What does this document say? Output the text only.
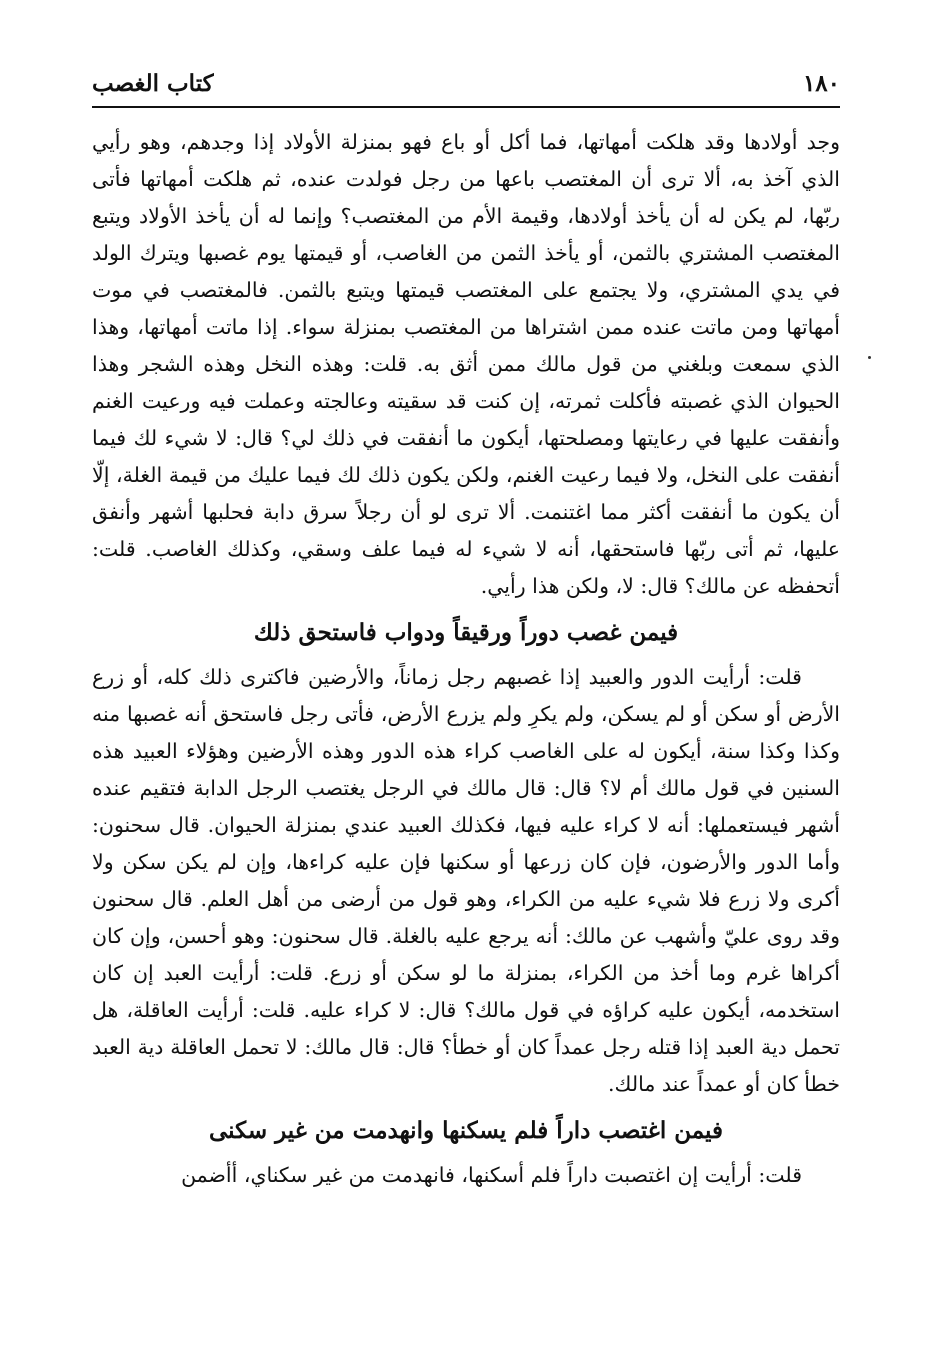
كتاب الغصب	١٨٠

وجد أولادها وقد هلكت أمهاتها، فما أكل أو باع فهو بمنزلة الأولاد إذا وجدهم، وهو رأيي الذي آخذ به، ألا ترى أن المغتصب باعها من رجل فولدت عنده، ثم هلكت أمهاتها فأتى ربّها، لم يكن له أن يأخذ أولادها، وقيمة الأم من المغتصب؟ وإنما له أن يأخذ الأولاد ويتبع المغتصب المشتري بالثمن، أو يأخذ الثمن من الغاصب، أو قيمتها يوم غصبها ويترك الولد في يدي المشتري، ولا يجتمع على المغتصب قيمتها ويتبع بالثمن. فالمغتصب في موت أمهاتها ومن ماتت عنده ممن اشتراها من المغتصب بمنزلة سواء. إذا ماتت أمهاتها، وهذا الذي سمعت وبلغني من قول مالك ممن أثق به. قلت: وهذه النخل وهذه الشجر وهذا الحيوان الذي غصبته فأكلت ثمرته، إن كنت قد سقيته وعالجته وعملت فيه ورعيت الغنم وأنفقت عليها في رعايتها ومصلحتها، أيكون ما أنفقت في ذلك لي؟ قال: لا شيء لك فيما أنفقت على النخل، ولا فيما رعيت الغنم، ولكن يكون ذلك لك فيما عليك من قيمة الغلة، إلّا أن يكون ما أنفقت أكثر مما اغتنمت. ألا ترى لو أن رجلاً سرق دابة فحلبها أشهر وأنفق عليها، ثم أتى ربّها فاستحقها، أنه لا شيء له فيما علف وسقي، وكذلك الغاصب. قلت: أتحفظه عن مالك؟ قال: لا، ولكن هذا رأيي.

فيمن غصب دوراً ورقيقاً ودواب فاستحق ذلك

قلت: أرأيت الدور والعبيد إذا غصبهم رجل زماناً، والأرضين فاكترى ذلك كله، أو زرع الأرض أو سكن أو لم يسكن، ولم يكرِ ولم يزرع الأرض، فأتى رجل فاستحق أنه غصبها منه وكذا وكذا سنة، أيكون له على الغاصب كراء هذه الدور وهذه الأرضين وهؤلاء العبيد هذه السنين في قول مالك أم لا؟ قال: قال مالك في الرجل يغتصب الرجل الدابة فتقيم عنده أشهر فيستعملها: أنه لا كراء عليه فيها، فكذلك العبيد عندي بمنزلة الحيوان. قال سحنون: وأما الدور والأرضون، فإن كان زرعها أو سكنها فإن عليه كراءها، وإن لم يكن سكن ولا أكرى ولا زرع فلا شيء عليه من الكراء، وهو قول من أرضى من أهل العلم. قال سحنون وقد روى عليّ وأشهب عن مالك: أنه يرجع عليه بالغلة. قال سحنون: وهو أحسن، وإن كان أكراها غرم وما أخذ من الكراء، بمنزلة ما لو سكن أو زرع. قلت: أرأيت العبد إن كان استخدمه، أيكون عليه كراؤه في قول مالك؟ قال: لا كراء عليه. قلت: أرأيت العاقلة، هل تحمل دية العبد إذا قتله رجل عمداً كان أو خطأ؟ قال: قال مالك: لا تحمل العاقلة دية العبد خطأ كان أو عمداً عند مالك.

فيمن اغتصب داراً فلم يسكنها وانهدمت من غير سكنى

قلت: أرأيت إن اغتصبت داراً فلم أسكنها، فانهدمت من غير سكناي، أأضمن
